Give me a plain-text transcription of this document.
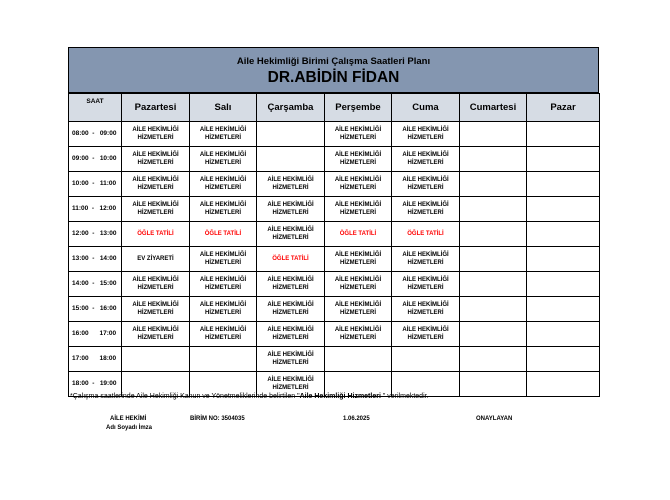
Aile Hekimliği Birimi Çalışma Saatleri Planı
DR.ABİDİN FİDAN
SAAT	Pazartesi	Salı	Çarşamba	Perşembe	Cuma	Cumartesi	Pazar
08:00  -   09:00	AİLE HEKİMLİĞİ
HİZMETLERİ	AİLE HEKİMLİĞİ
HİZMETLERİ		AİLE HEKİMLİĞİ
HİZMETLERİ	AİLE HEKİMLİĞİ
HİZMETLERİ		

09:00  -   10:00	AİLE HEKİMLİĞİ
HİZMETLERİ	AİLE HEKİMLİĞİ
HİZMETLERİ		AİLE HEKİMLİĞİ
HİZMETLERİ	AİLE HEKİMLİĞİ
HİZMETLERİ		

10:00  -   11:00	AİLE HEKİMLİĞİ
HİZMETLERİ	AİLE HEKİMLİĞİ
HİZMETLERİ	AİLE HEKİMLİĞİ
HİZMETLERİ	AİLE HEKİMLİĞİ
HİZMETLERİ	AİLE HEKİMLİĞİ
HİZMETLERİ		

11:00  -   12:00	AİLE HEKİMLİĞİ
HİZMETLERİ	AİLE HEKİMLİĞİ
HİZMETLERİ	AİLE HEKİMLİĞİ
HİZMETLERİ	AİLE HEKİMLİĞİ
HİZMETLERİ	AİLE HEKİMLİĞİ
HİZMETLERİ		

12:00  -   13:00	ÖĞLE TATİLİ	ÖĞLE TATİLİ	AİLE HEKİMLİĞİ
HİZMETLERİ	ÖĞLE TATİLİ	ÖĞLE TATİLİ		

13:00  -   14:00	EV ZİYARETİ	AİLE HEKİMLİĞİ
HİZMETLERİ	ÖĞLE TATİLİ	AİLE HEKİMLİĞİ
HİZMETLERİ	AİLE HEKİMLİĞİ
HİZMETLERİ		

14:00  -   15:00	AİLE HEKİMLİĞİ
HİZMETLERİ	AİLE HEKİMLİĞİ
HİZMETLERİ	AİLE HEKİMLİĞİ
HİZMETLERİ	AİLE HEKİMLİĞİ
HİZMETLERİ	AİLE HEKİMLİĞİ
HİZMETLERİ		

15:00  -   16:00	AİLE HEKİMLİĞİ
HİZMETLERİ	AİLE HEKİMLİĞİ
HİZMETLERİ	AİLE HEKİMLİĞİ
HİZMETLERİ	AİLE HEKİMLİĞİ
HİZMETLERİ	AİLE HEKİMLİĞİ
HİZMETLERİ		

16:00      17:00	AİLE HEKİMLİĞİ
HİZMETLERİ	AİLE HEKİMLİĞİ
HİZMETLERİ	AİLE HEKİMLİĞİ
HİZMETLERİ	AİLE HEKİMLİĞİ
HİZMETLERİ	AİLE HEKİMLİĞİ
HİZMETLERİ		

17:00      18:00			AİLE HEKİMLİĞİ
HİZMETLERİ				

18:00  -   19:00			AİLE HEKİMLİĞİ
HİZMETLERİ				

*Çalışma saatlerinde Aile Hekimliği Kanun ve Yönetmeliklerinde belirtilen "Aile Hekimliği Hizmetleri " verilmektedir.
AİLE HEKİMİ
Adı Soyadı İmza
BİRİM NO: 3504035	1.06.2025	ONAYLAYAN
